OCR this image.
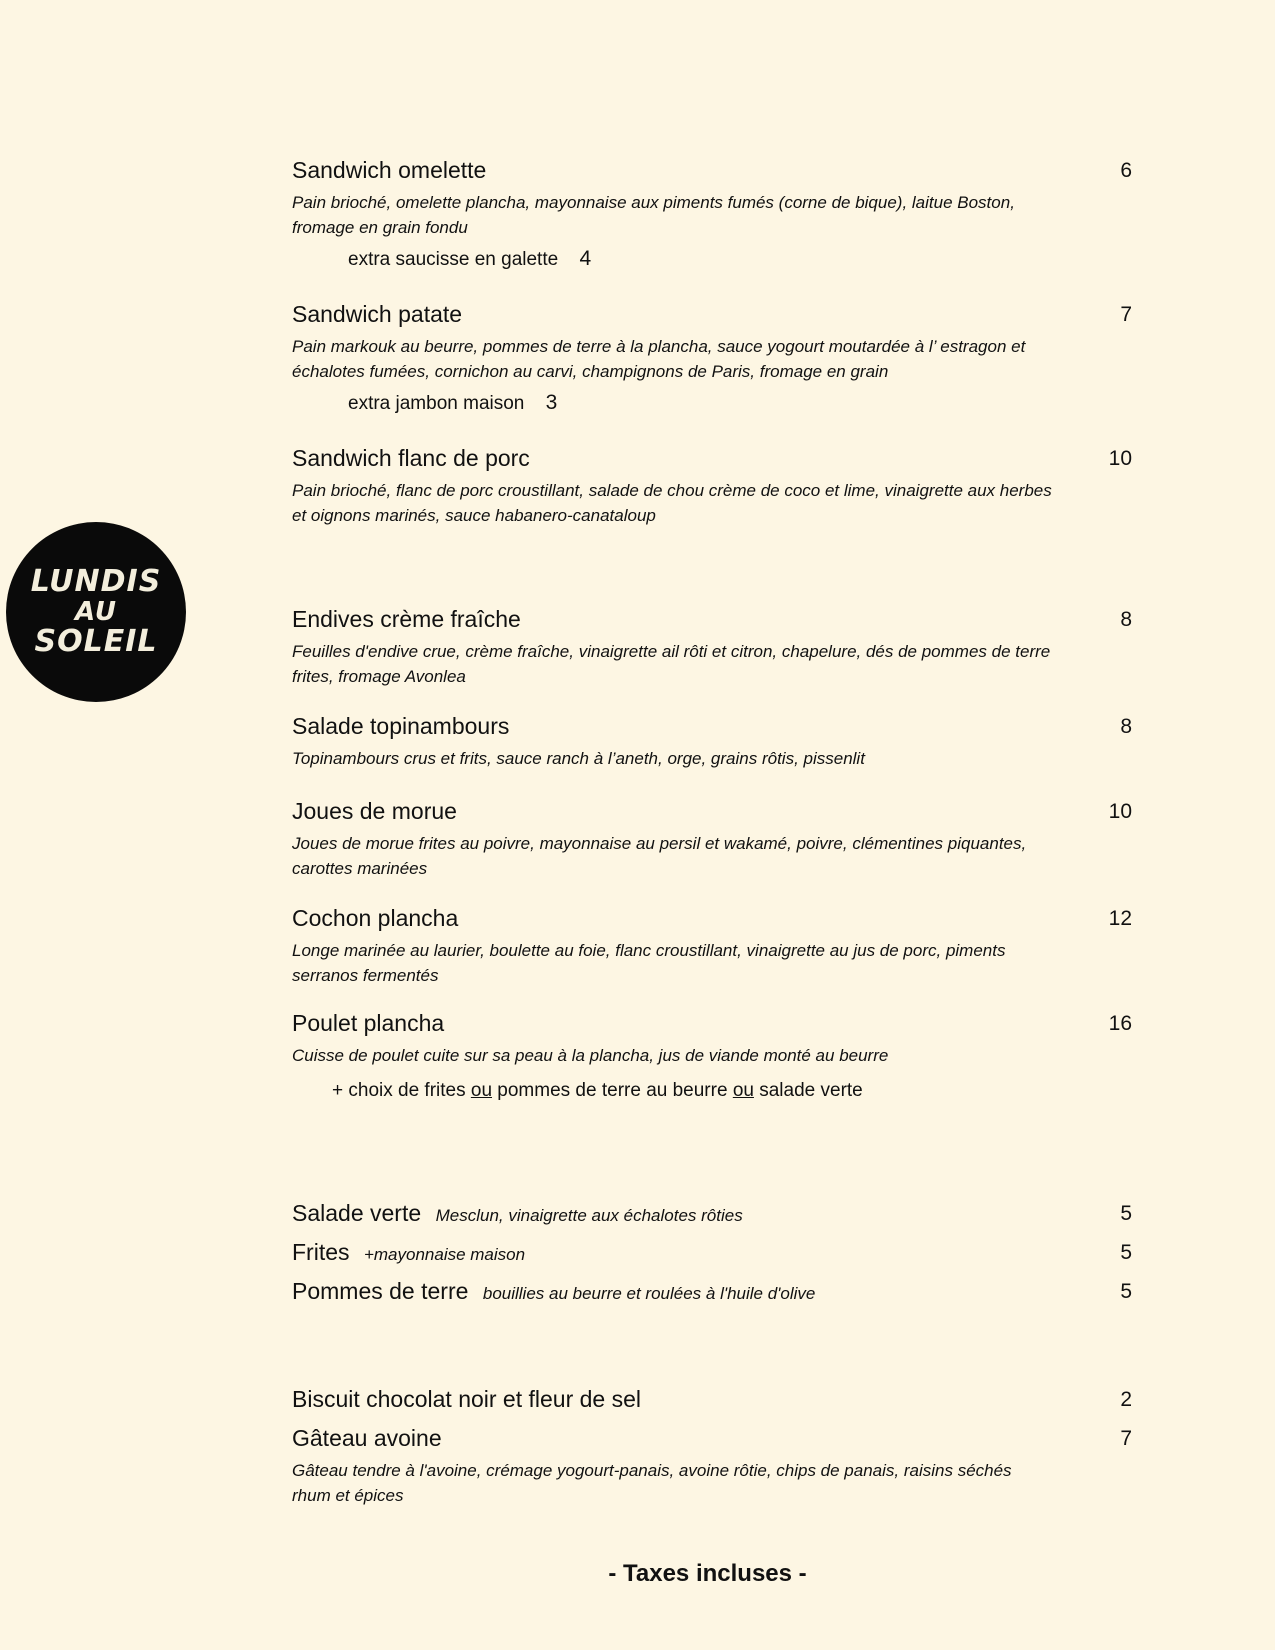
LUNDIS
AU
SOLEIL
Sandwich omelette	6
Pain brioché, omelette plancha, mayonnaise aux piments fumés (corne de bique), laitue Boston, fromage en grain fondu
extra saucisse en galette 4
Sandwich patate	7
Pain markouk au beurre, pommes de terre à la plancha, sauce yogourt moutardée à l’ estragon et échalotes fumées, cornichon au carvi, champignons de Paris, fromage en grain
extra jambon maison 3
Sandwich flanc de porc	10
Pain brioché, flanc de porc croustillant, salade de chou crème de coco et lime, vinaigrette aux herbes et oignons marinés, sauce habanero-canataloup
Endives crème fraîche	8
Feuilles d'endive crue, crème fraîche, vinaigrette ail rôti et citron, chapelure, dés de pommes de terre frites, fromage Avonlea
Salade topinambours	8
Topinambours crus et frits, sauce ranch à l’aneth, orge, grains rôtis, pissenlit
Joues de morue	10
Joues de morue frites au poivre, mayonnaise au persil et wakamé, poivre, clémentines piquantes, carottes marinées
Cochon plancha	12
Longe marinée au laurier, boulette au foie, flanc croustillant, vinaigrette au jus de porc, piments serranos fermentés
Poulet plancha	16
Cuisse de poulet cuite sur sa peau à la plancha, jus de viande monté au beurre
+ choix de frites ou pommes de terre au beurre ou salade verte
Salade verte Mesclun, vinaigrette aux échalotes rôties	5
Frites +mayonnaise maison	5
Pommes de terre bouillies au beurre et roulées à l'huile d'olive	5
Biscuit chocolat noir et fleur de sel	2
Gâteau avoine	7
Gâteau tendre à l'avoine, crémage yogourt-panais, avoine rôtie, chips de panais, raisins séchés rhum et épices
- Taxes incluses -
